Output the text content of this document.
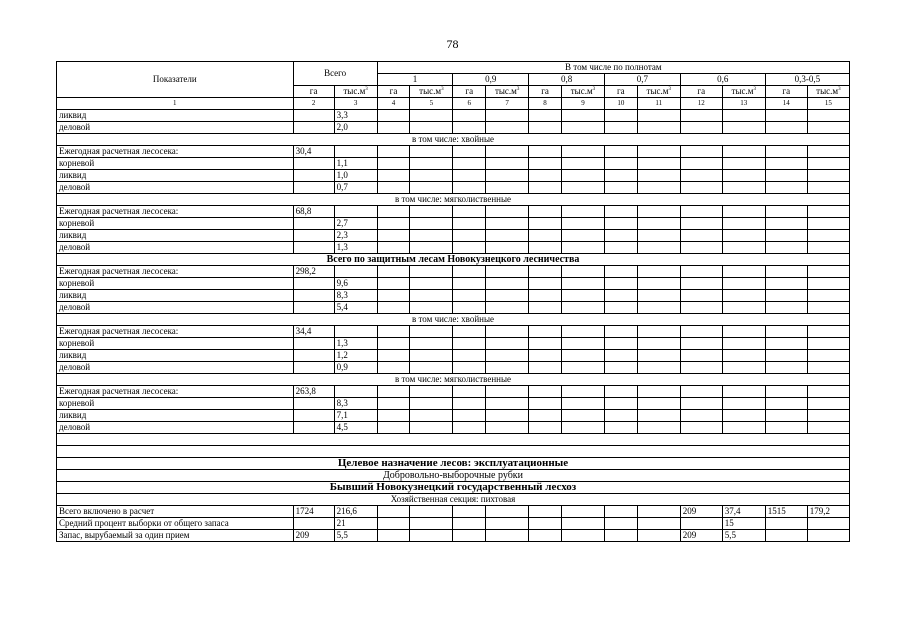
78
Показатели	Всего		В том числе по полнотам											
			1		0,9		0,8		0,7		0,6		0,3-0,5	
	га	$тыс.м^3$	га	$тыс.м^3$	га	$тыс.м^3$	га	$тыс.м^3$	га	$тыс.м^3$	га	$тыс.м^3$	га	$тыс.м^3$
1	2	3	4	5	6	7	8	9	10	11	12	13	14	15
ликвид		3,3												
деловой		2,0												
в том числе: хвойные														
Ежегодная расчетная лесосека:	30,4													
корневой		1,1												
ликвид		1,0												
деловой		0,7												
в том числе: мягколиственные														
Ежегодная расчетная лесосека:	68,8													
корневой		2,7												
ликвид		2,3												
деловой		1,3												
Всего по защитным лесам Новокузнецкого лесничества														
Ежегодная расчетная лесосека:	298,2													
корневой		9,6												
ликвид		8,3												
деловой		5,4												
в том числе: хвойные														
Ежегодная расчетная лесосека:	34,4													
корневой		1,3												
ликвид		1,2												
деловой		0,9												
в том числе: мягколиственные														
Ежегодная расчетная лесосека:	263,8													
корневой		8,3												
ликвид		7,1												
деловой		4,5												

Целевое назначение лесов: эксплуатационные														
Добровольно-выборочные рубки														
Бывший Новокузнецкий государственный лесхоз														
Хозяйственная секция: пихтовая														
Всего включено в расчет	1724	216,6									209	37,4	1515	179,2
Средний процент выборки от общего запаса		21										15		
Запас, вырубаемый за один прием	209	5,5									209	5,5		
